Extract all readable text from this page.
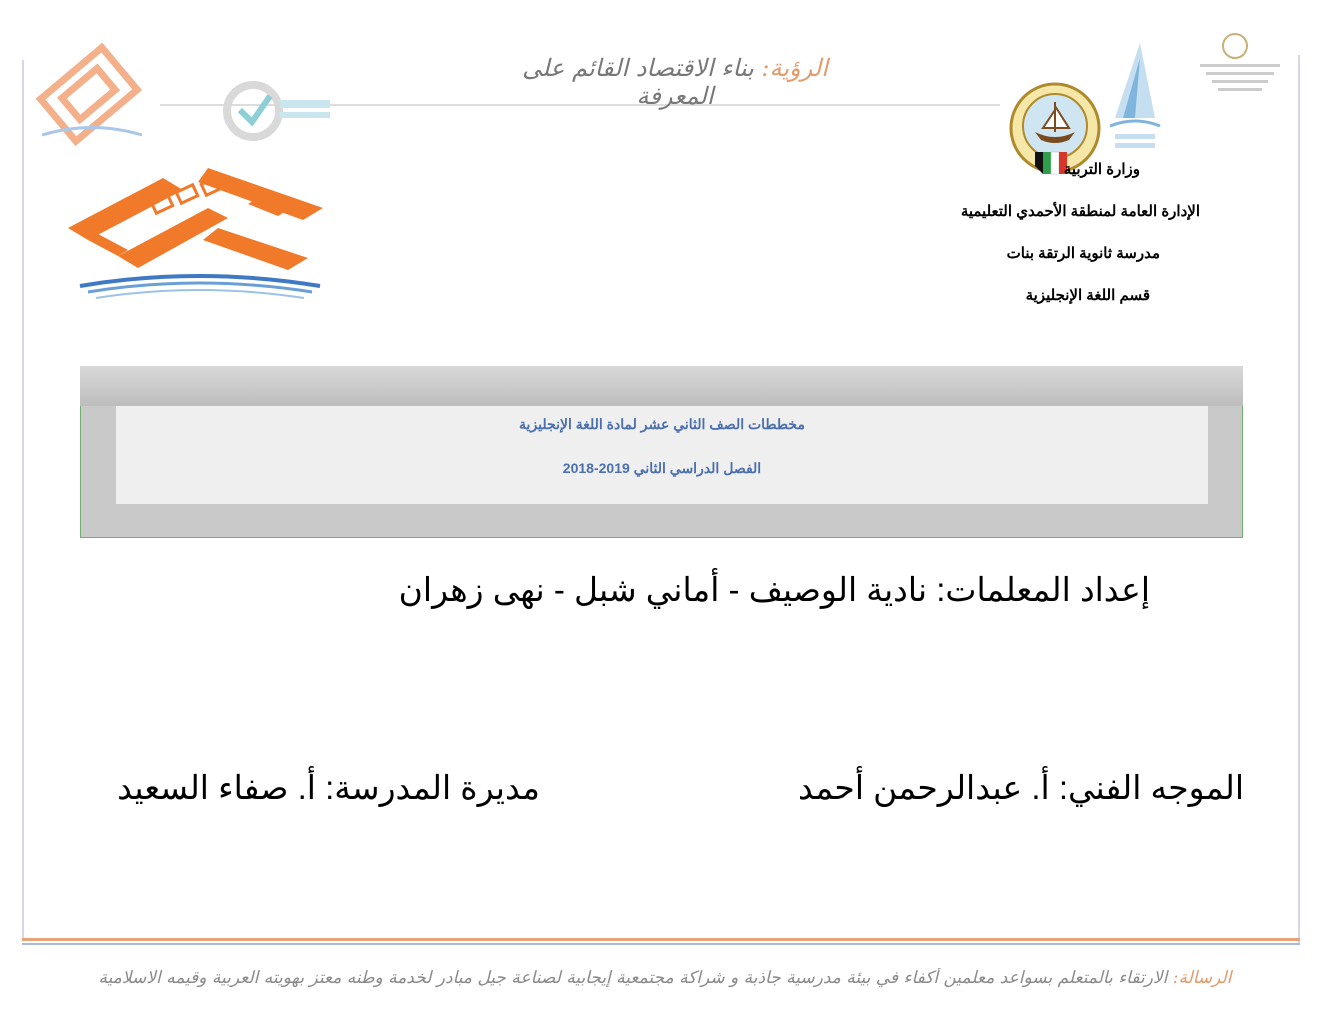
الرؤية: بناء الاقتصاد القائم على المعرفة
وزارة التربية
الإدارة العامة لمنطقة الأحمدي التعليمية
مدرسة ثانوية الرتقة بنات
قسم اللغة الإنجليزية
مخططات الصف الثاني عشر لمادة اللغة الإنجليزية
الفصل الدراسي الثاني 2019-2018
إعداد المعلمات: نادية الوصيف - أماني شبل - نهى زهران
الموجه الفني: أ. عبدالرحمن أحمد
مديرة المدرسة: أ. صفاء السعيد
الرسالة: الارتقاء بالمتعلم بسواعد معلمين أكفاء في بيئة مدرسية جاذبة و شراكة مجتمعية إيجابية لصناعة جيل مبادر لخدمة وطنه معتز بهويته العربية وقيمه الاسلامية
